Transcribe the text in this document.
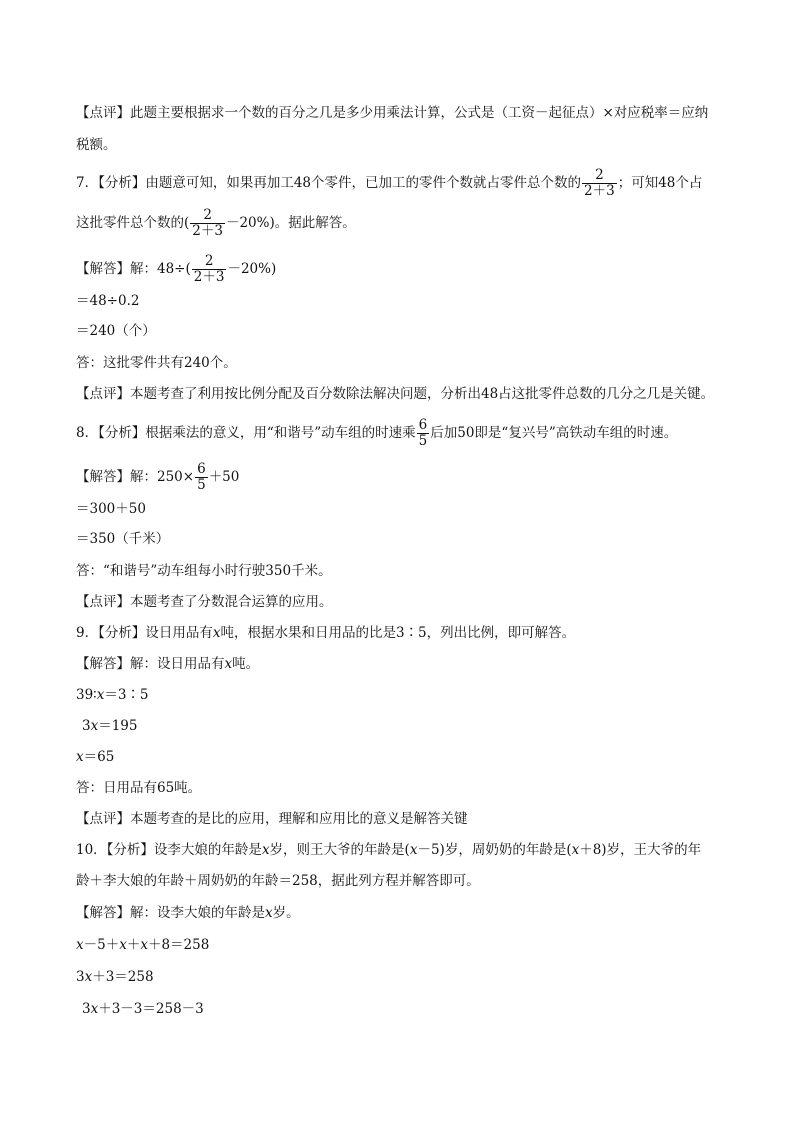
【点评】此题主要根据求一个数的百分之几是多少用乘法计算，公式是（工资－起征点）×对应税率＝应纳
税额。
7．【分析】由题意可知，如果再加工48个零件，已加工的零件个数就占零件总个数的 $\frac{2}{2+3}$ ；可知48个占
这批零件总个数的( $\frac{2}{2+3} -20\%$)。据此解答。
【解答】解：$48\div( \frac{2}{2+3} -20\%)$
＝48÷0.2
＝240（个）
答：这批零件共有240个。
【点评】本题考查了利用按比例分配及百分数除法解决问题，分析出48占这批零件总数的几分之几是关键。
8．【分析】根据乘法的意义，用“和谐号”动车组的时速乘 $\frac{6}{5}$ 后加50即是“复兴号”高铁动车组的时速。
【解答】解：$250\times \frac{6}{5} +50$
＝300＋50
＝350（千米）
答：“和谐号”动车组每小时行驶350千米。
【点评】本题考查了分数混合运算的应用。
9．【分析】设日用品有x吨，根据水果和日用品的比是3∶5，列出比例，即可解答。
【解答】解：设日用品有x吨。
39∶x＝3∶5
3x＝195
x＝65
答：日用品有65吨。
【点评】本题考查的是比的应用，理解和应用比的意义是解答关键
10．【分析】设李大娘的年龄是x岁，则王大爷的年龄是(x－5)岁，周奶奶的年龄是(x＋8)岁，王大爷的年
龄＋李大娘的年龄＋周奶奶的年龄＝258，据此列方程并解答即可。
【解答】解：设李大娘的年龄是x岁。
x－5＋x＋x＋8＝258
3x＋3＝258
3x＋3－3＝258－3
